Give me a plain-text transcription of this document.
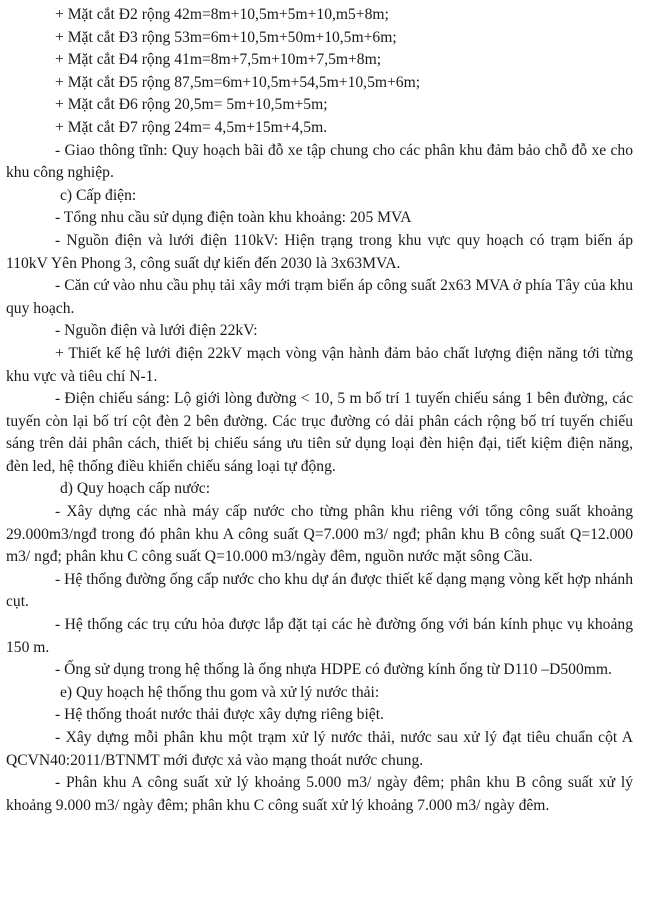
+ Mặt cắt Đ2 rộng 42m=8m+10,5m+5m+10,m5+8m;

+ Mặt cắt Đ3 rộng 53m=6m+10,5m+50m+10,5m+6m;

+ Mặt cắt Đ4 rộng 41m=8m+7,5m+10m+7,5m+8m;

+ Mặt cắt Đ5 rộng 87,5m=6m+10,5m+54,5m+10,5m+6m;

+ Mặt cắt Đ6 rộng 20,5m= 5m+10,5m+5m;

+ Mặt cắt Đ7 rộng 24m= 4,5m+15m+4,5m.

- Giao thông tĩnh: Quy hoạch bãi đỗ xe tập chung cho các phân khu đảm bảo chỗ đỗ xe cho khu công nghiệp.

c) Cấp điện:

- Tổng nhu cầu sử dụng điện toàn khu khoảng: 205 MVA

- Nguồn điện và lưới điện 110kV: Hiện trạng trong khu vực quy hoạch có trạm biến áp 110kV Yên Phong 3, công suất dự kiến đến 2030 là 3x63MVA.

- Căn cứ vào nhu cầu phụ tải xây mới trạm biến áp công suất 2x63 MVA ở phía Tây của khu quy hoạch.

- Nguồn điện và lưới điện 22kV:

+ Thiết kế hệ lưới điện 22kV mạch vòng vận hành đảm bảo chất lượng điện năng tới từng khu vực và tiêu chí N-1.

- Điện chiếu sáng: Lộ giới lòng đường < 10, 5 m bố trí 1 tuyến chiếu sáng 1 bên đường, các tuyến còn lại bố trí cột đèn 2 bên đường. Các trục đường có dải phân cách rộng bố trí tuyến chiếu sáng trên dải phân cách, thiết bị chiếu sáng ưu tiên sử dụng loại đèn hiện đại, tiết kiệm điện năng, đèn led, hệ thống điều khiển chiếu sáng loại tự động.

d) Quy hoạch cấp nước:

- Xây dựng các nhà máy cấp nước cho từng phân khu riêng với tổng công suất khoảng 29.000m3/ngđ trong đó phân khu A công suất Q=7.000 m3/ ngđ; phân khu B công suất Q=12.000 m3/ ngđ; phân khu C công suất Q=10.000 m3/ngày đêm, nguồn nước mặt sông Cầu.

- Hệ thống đường ống cấp nước cho khu dự án được thiết kế dạng mạng vòng kết hợp nhánh cụt.

- Hệ thống các trụ cứu hỏa được lắp đặt tại các hè đường ống với bán kính phục vụ khoảng 150 m.

- Ống sử dụng trong hệ thống là ống nhựa HDPE có đường kính ống từ D110 –D500mm.

e) Quy hoạch hệ thống thu gom và xử lý nước thải:

- Hệ thống thoát nước thải được xây dựng riêng biệt.

- Xây dựng mỗi phân khu một trạm xử lý nước thải, nước sau xử lý đạt tiêu chuẩn cột A QCVN40:2011/BTNMT mới được xả vào mạng thoát nước chung.

- Phân khu A công suất xử lý khoảng 5.000 m3/ ngày đêm; phân khu B công suất xử lý khoảng 9.000 m3/ ngày đêm; phân khu C công suất xử lý khoảng 7.000 m3/ ngày đêm.
